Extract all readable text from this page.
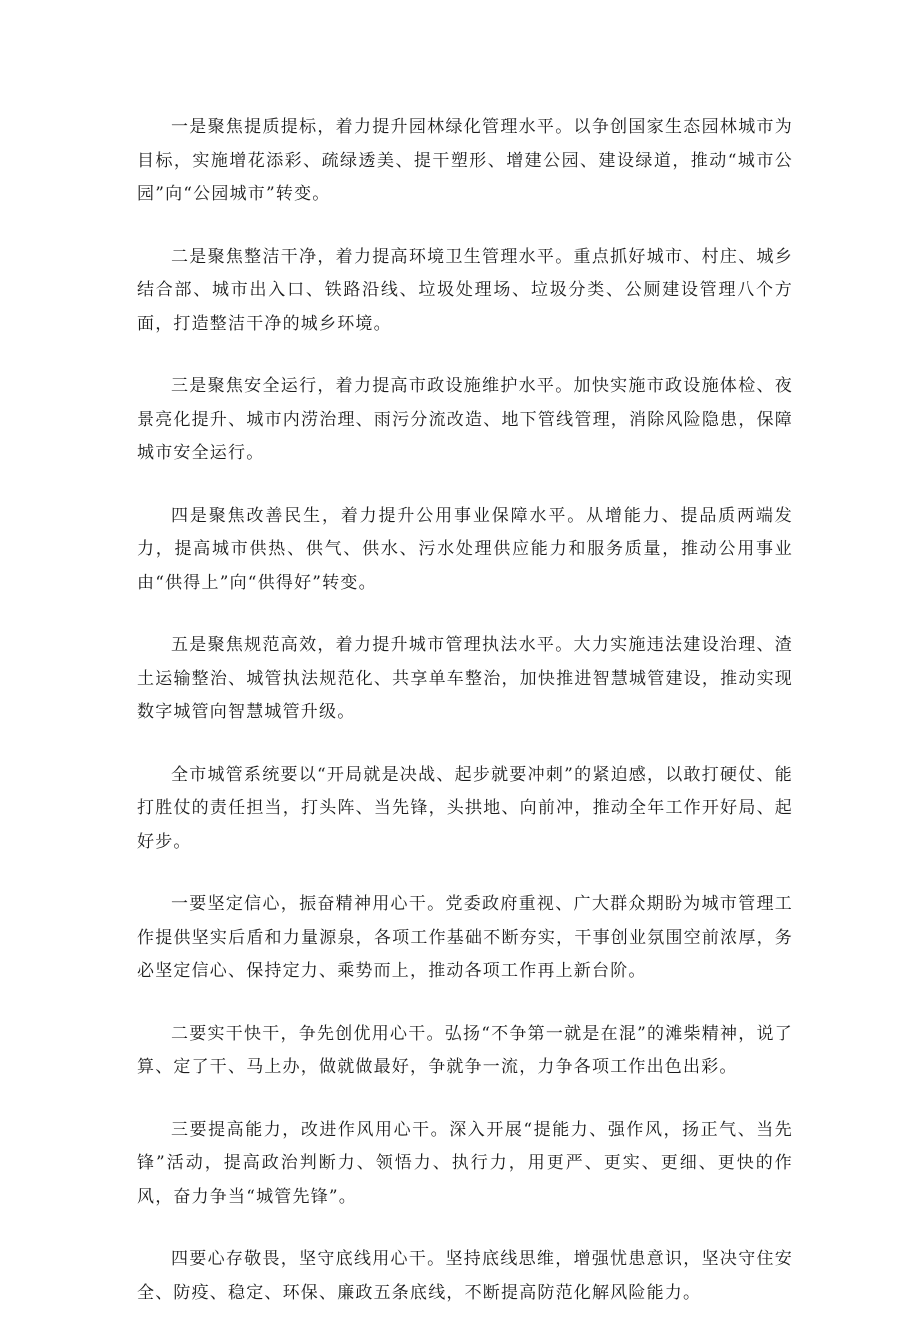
一是聚焦提质提标，着力提升园林绿化管理水平。以争创国家生态园林城市为目标，实施增花添彩、疏绿透美、提干塑形、增建公园、建设绿道，推动“城市公园”向“公园城市”转变。

二是聚焦整洁干净，着力提高环境卫生管理水平。重点抓好城市、村庄、城乡结合部、城市出入口、铁路沿线、垃圾处理场、垃圾分类、公厕建设管理八个方面，打造整洁干净的城乡环境。

三是聚焦安全运行，着力提高市政设施维护水平。加快实施市政设施体检、夜景亮化提升、城市内涝治理、雨污分流改造、地下管线管理，消除风险隐患，保障城市安全运行。

四是聚焦改善民生，着力提升公用事业保障水平。从增能力、提品质两端发力，提高城市供热、供气、供水、污水处理供应能力和服务质量，推动公用事业由“供得上”向“供得好”转变。

五是聚焦规范高效，着力提升城市管理执法水平。大力实施违法建设治理、渣土运输整治、城管执法规范化、共享单车整治，加快推进智慧城管建设，推动实现数字城管向智慧城管升级。

全市城管系统要以“开局就是决战、起步就要冲刺”的紧迫感，以敢打硬仗、能打胜仗的责任担当，打头阵、当先锋，头拱地、向前冲，推动全年工作开好局、起好步。

一要坚定信心，振奋精神用心干。党委政府重视、广大群众期盼为城市管理工作提供坚实后盾和力量源泉，各项工作基础不断夯实，干事创业氛围空前浓厚，务必坚定信心、保持定力、乘势而上，推动各项工作再上新台阶。

二要实干快干，争先创优用心干。弘扬“不争第一就是在混”的滩柴精神，说了算、定了干、马上办，做就做最好，争就争一流，力争各项工作出色出彩。

三要提高能力，改进作风用心干。深入开展“提能力、强作风，扬正气、当先锋”活动，提高政治判断力、领悟力、执行力，用更严、更实、更细、更快的作风，奋力争当“城管先锋”。

四要心存敬畏，坚守底线用心干。坚持底线思维，增强忧患意识，坚决守住安全、防疫、稳定、环保、廉政五条底线，不断提高防范化解风险能力。
